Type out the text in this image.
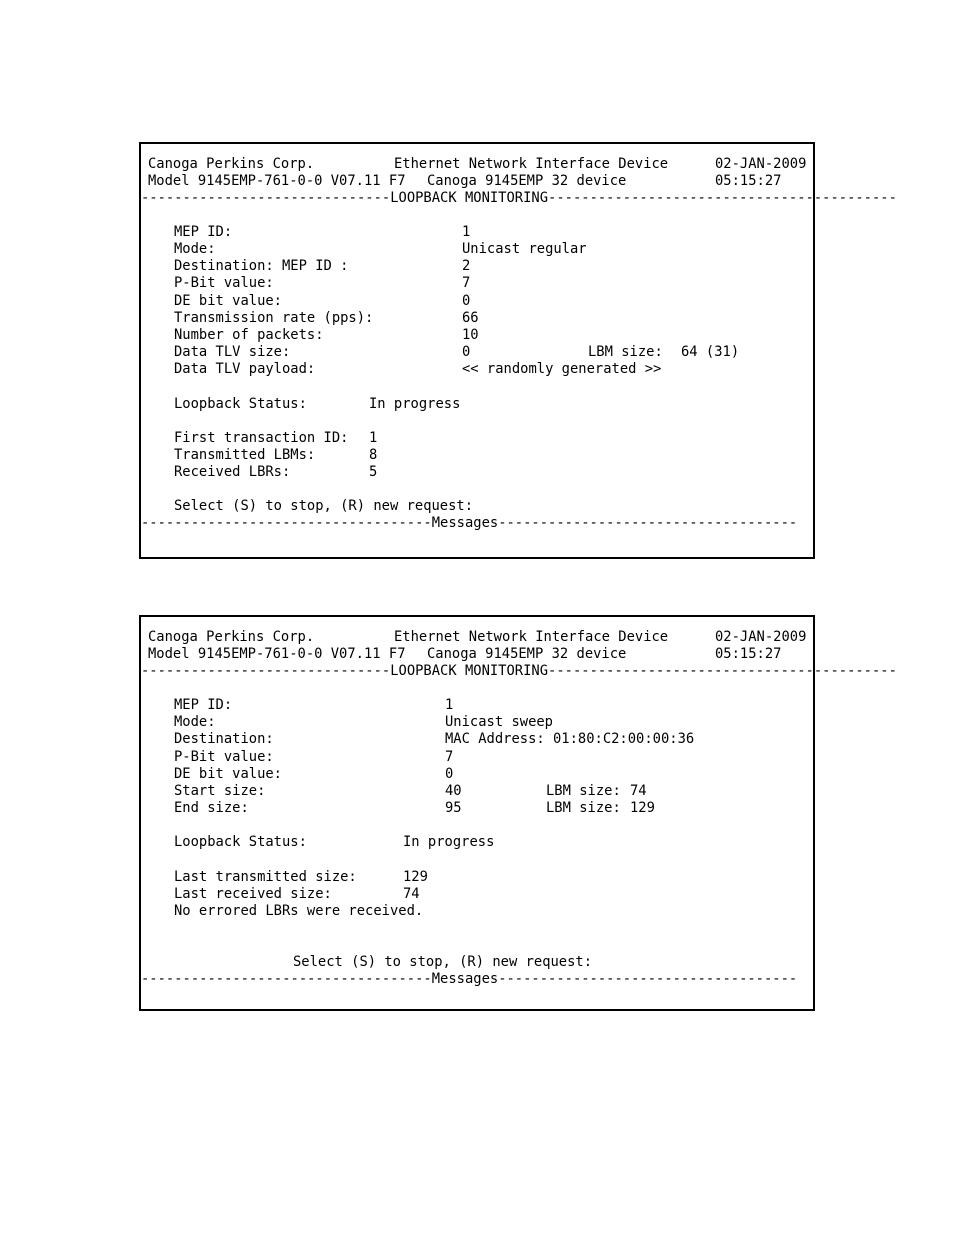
Canoga Perkins Corp.	Ethernet Network Interface Device	02-JAN-2009
Model 9145EMP-761-0-0 V07.11 F7 Canoga 9145EMP 32 device	05:15:27
------------------------------LOOPBACK MONITORING------------------------------------------
MEP ID:	1
Mode:	Unicast regular
Destination: MEP ID :	2
P-Bit value:	7
DE bit value:	0
Transmission rate (pps):	66
Number of packets:	10
Data TLV size:	0	LBM size: 64 (31)
Data TLV payload:	<< randomly generated >>
Loopback Status:	In progress
First transaction ID: 1
Transmitted LBMs:	8
Received LBRs:	5
Select (S) to stop, (R) new request:
-----------------------------------Messages------------------------------------
Canoga Perkins Corp.	Ethernet Network Interface Device	02-JAN-2009
Model 9145EMP-761-0-0 V07.11 F7 Canoga 9145EMP 32 device	05:15:27
------------------------------LOOPBACK MONITORING------------------------------------------
MEP ID:	1
Mode:	Unicast sweep
Destination:	MAC Address: 01:80:C2:00:00:36
P-Bit value:	7
DE bit value:	0
Start size:	40	LBM size: 74
End size:	95	LBM size: 129
Loopback Status:	In progress
Last transmitted size:	129
Last received size:	74
No errored LBRs were received.
Select (S) to stop, (R) new request:
-----------------------------------Messages------------------------------------
